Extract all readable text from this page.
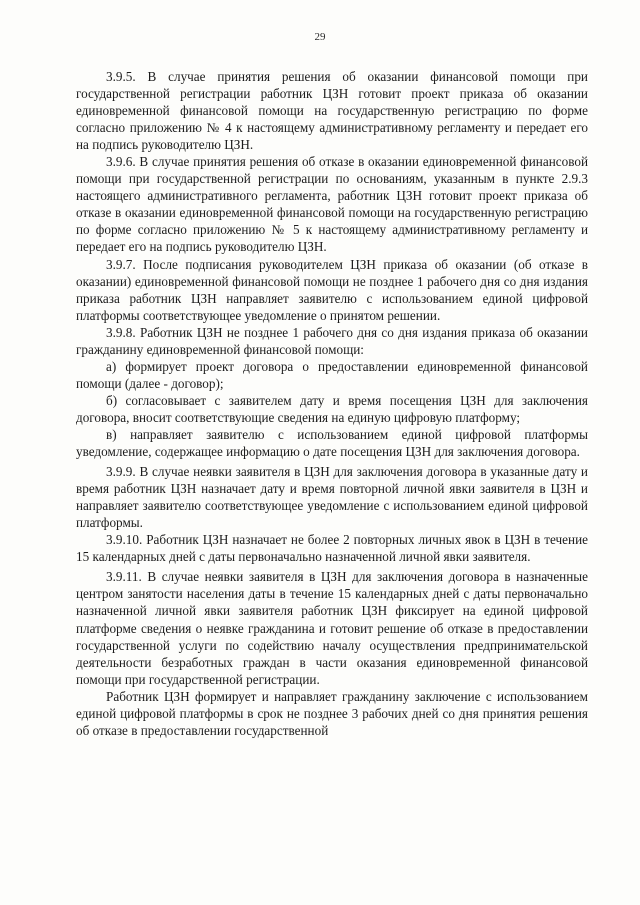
29

3.9.5. В случае принятия решения об оказании финансовой помощи при государственной регистрации работник ЦЗН готовит проект приказа об оказании единовременной финансовой помощи на государственную регистрацию по форме согласно приложению № 4 к настоящему административному регламенту и передает его на подпись руководителю ЦЗН.

3.9.6. В случае принятия решения об отказе в оказании единовременной финансовой помощи при государственной регистрации по основаниям, указанным в пункте 2.9.3 настоящего административного регламента, работник ЦЗН готовит проект приказа об отказе в оказании единовременной финансовой помощи на государственную регистрацию по форме согласно приложению № 5 к настоящему административному регламенту и передает его на подпись руководителю ЦЗН.

3.9.7. После подписания руководителем ЦЗН приказа об оказании (об отказе в оказании) единовременной финансовой помощи не позднее 1 рабочего дня со дня издания приказа работник ЦЗН направляет заявителю с использованием единой цифровой платформы соответствующее уведомление о принятом решении.

3.9.8. Работник ЦЗН не позднее 1 рабочего дня со дня издания приказа об оказании гражданину единовременной финансовой помощи:

а) формирует проект договора о предоставлении единовременной финансовой помощи (далее - договор);

б) согласовывает с заявителем дату и время посещения ЦЗН для заключения договора, вносит соответствующие сведения на единую цифровую платформу;

в) направляет заявителю с использованием единой цифровой платформы уведомление, содержащее информацию о дате посещения ЦЗН для заключения договора.

3.9.9. В случае неявки заявителя в ЦЗН для заключения договора в указанные дату и время работник ЦЗН назначает дату и время повторной личной явки заявителя в ЦЗН и направляет заявителю соответствующее уведомление с использованием единой цифровой платформы.

3.9.10. Работник ЦЗН назначает не более 2 повторных личных явок в ЦЗН в течение 15 календарных дней с даты первоначально назначенной личной явки заявителя.

3.9.11. В случае неявки заявителя в ЦЗН для заключения договора в назначенные центром занятости населения даты в течение 15 календарных дней с даты первоначально назначенной личной явки заявителя работник ЦЗН фиксирует на единой цифровой платформе сведения о неявке гражданина и готовит решение об отказе в предоставлении государственной услуги по содействию началу осуществления предпринимательской деятельности безработных граждан в части оказания единовременной финансовой помощи при государственной регистрации.

Работник ЦЗН формирует и направляет гражданину заключение с использованием единой цифровой платформы в срок не позднее 3 рабочих дней со дня принятия решения об отказе в предоставлении государственной
